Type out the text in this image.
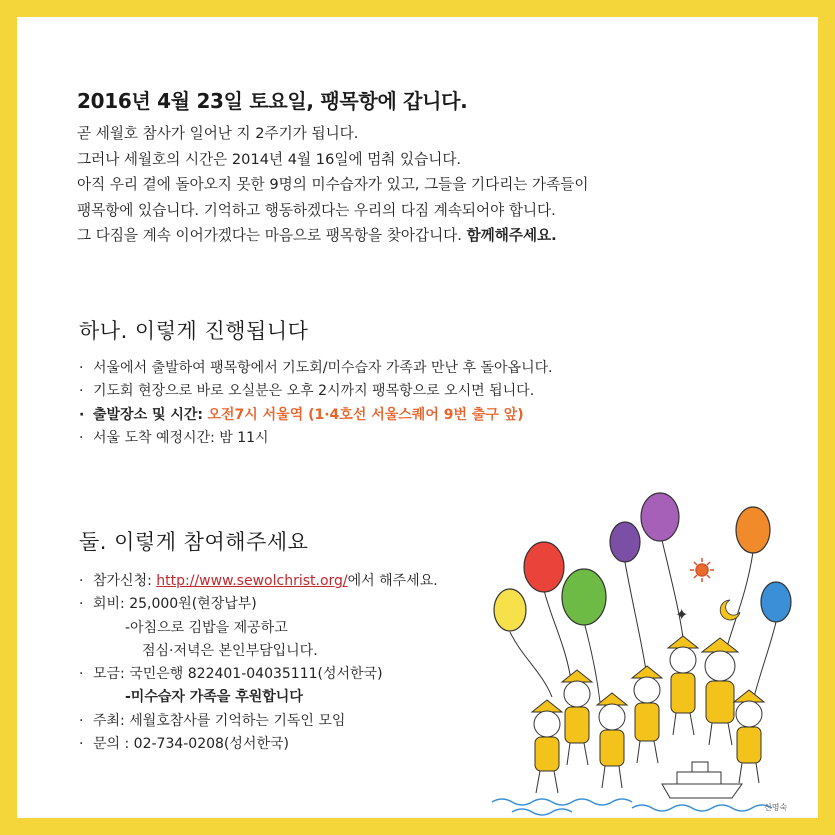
2016년 4월 23일 토요일, 팽목항에 갑니다.

곧 세월호 참사가 일어난 지 2주기가 됩니다.

그러나 세월호의 시간은 2014년 4월 16일에 멈춰 있습니다.

아직 우리 곁에 돌아오지 못한 9명의 미수습자가 있고, 그들을 기다리는 가족들이

팽목항에 있습니다. 기억하고 행동하겠다는 우리의 다짐 계속되어야 합니다.

그 다짐을 계속 이어가겠다는 마음으로 팽목항을 찾아갑니다. 함께해주세요.

하나. 이렇게 진행됩니다
· 서울에서 출발하여 팽목항에서 기도회/미수습자 가족과 만난 후 돌아옵니다.
· 기도회 현장으로 바로 오실분은 오후 2시까지 팽목항으로 오시면 됩니다.
· 출발장소 및 시간: 오전7시 서울역 (1·4호선 서울스퀘어 9번 출구 앞)
· 서울 도착 예정시간: 밤 11시
둘. 이렇게 참여해주세요
· 참가신청: http://www.sewolchrist.org/에서 해주세요.
· 회비: 25,000원(현장납부)
-아침으로 김밥을 제공하고
점심·저녁은 본인부담입니다.
· 모금: 국민은행 822401-04035111(성서한국)
-미수습자 가족을 후원합니다
· 주최: 세월호참사를 기억하는 기독인 모임
· 문의 : 02-734-0208(성서한국)
✦
신명숙
